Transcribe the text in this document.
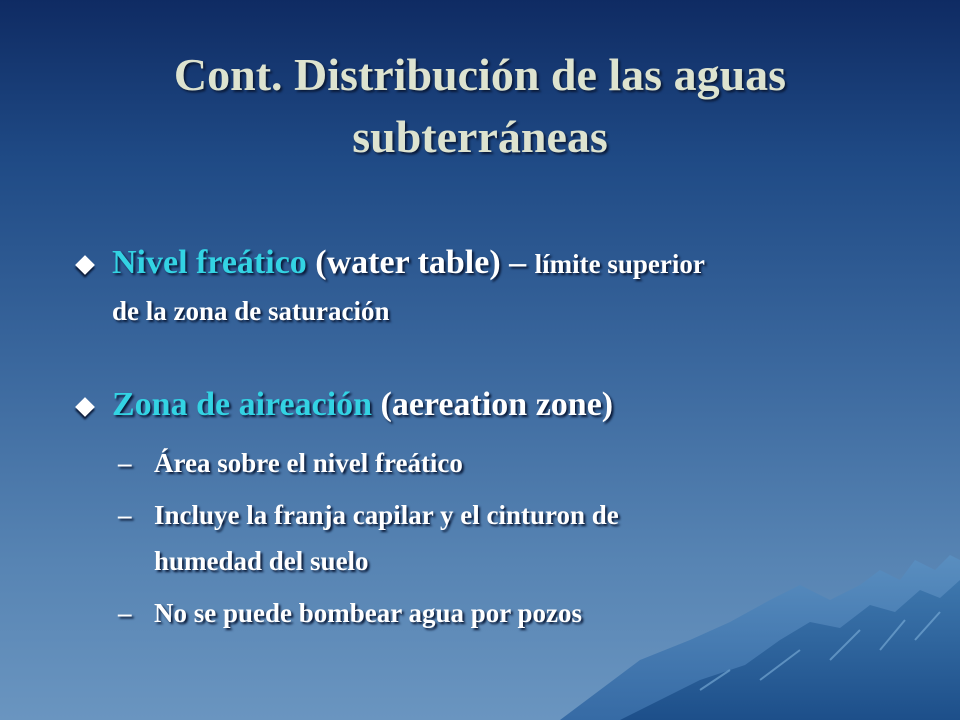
Cont. Distribución de las aguas
subterráneas
Nivel freático (water table) – límite superior
de la zona de saturación
Zona de aireación (aereation zone)
– Área sobre el nivel freático
– Incluye la franja capilar y el cinturon de
humedad del suelo
– No se puede bombear agua por pozos
